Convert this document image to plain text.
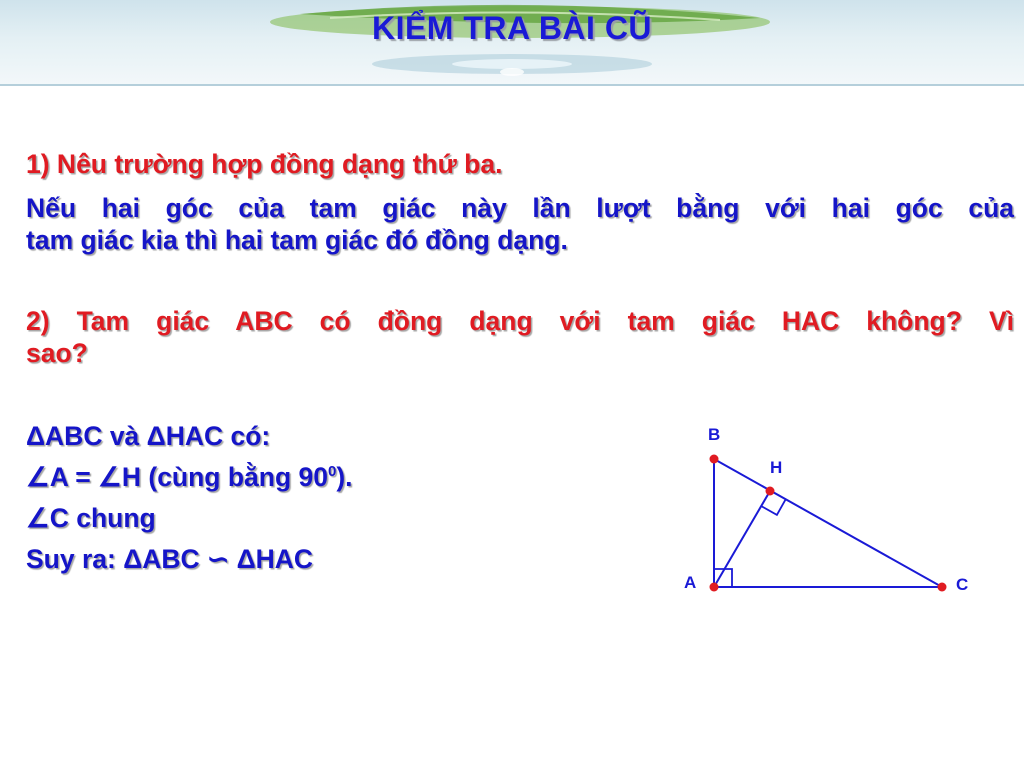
KIỂM TRA BÀI CŨ
1) Nêu trường hợp đồng dạng thứ ba.
Nếu hai góc của tam giác này lần lượt bằng với hai góc của
tam giác kia thì hai tam giác đó đồng dạng.
2) Tam giác ABC có đồng dạng với tam giác HAC không? Vì
sao?
ΔABC và ΔHAC có:
∠A = ∠H (cùng bằng $90^0$).
∠C chung
Suy ra: ΔABC ∽ ΔHAC
B
H
A	C
